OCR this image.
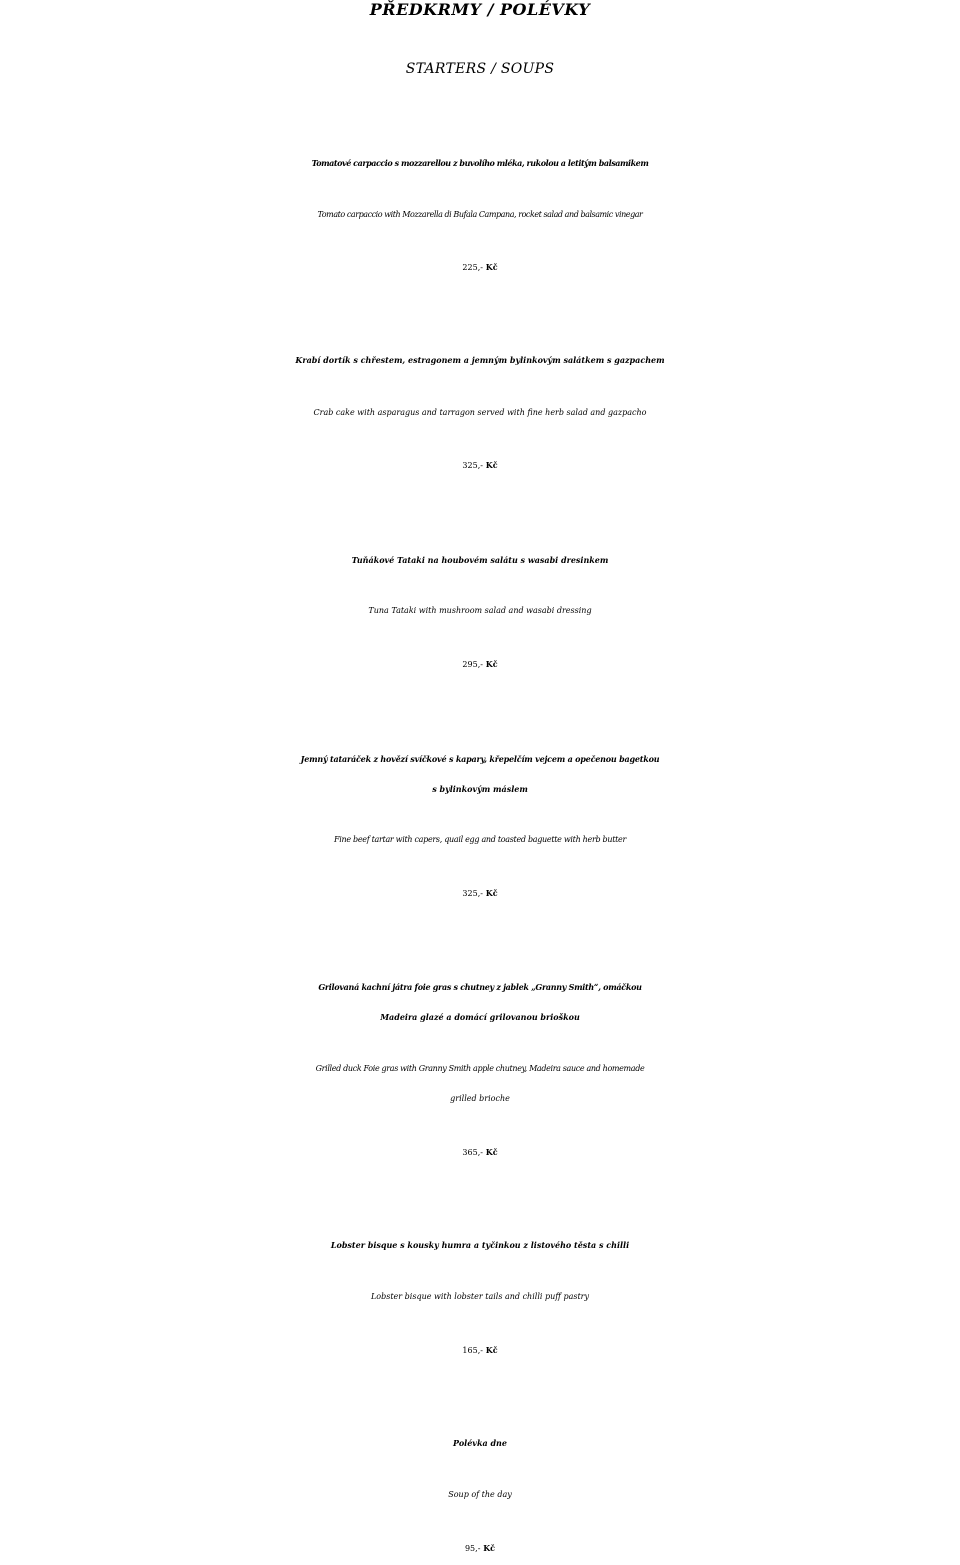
PŘEDKRMY / POLÉVKY
STARTERS / SOUPS
Tomatové carpaccio s mozzarellou z buvolího mléka, rukolou a letitým balsamikem
Tomato carpaccio with Mozzarella di Bufala Campana, rocket salad and balsamic vinegar
225,- Kč
Krabí dortík s chřestem, estragonem a jemným bylinkovým salátkem s gazpachem
Crab cake with asparagus and tarragon served with fine herb salad and gazpacho
325,- Kč
Tuňákové Tataki na houbovém salátu s wasabi dresinkem
Tuna Tataki with mushroom salad and wasabi dressing
295,- Kč
Jemný tataráček z hovězí svíčkové s kapary, křepelčím vejcem a opečenou bagetkou
s bylinkovým máslem
Fine beef tartar with capers, quail egg and toasted baguette with herb butter
325,- Kč
Grilovaná kachní játra foie gras s chutney z jablek „Granny Smith“, omáčkou
Madeira glazé a domácí grilovanou brioškou
Grilled duck Foie gras with Granny Smith apple chutney, Madeira sauce and homemade
grilled brioche
365,- Kč
Lobster bisque s kousky humra a tyčinkou z listového těsta s chilli
Lobster bisque with lobster tails and chilli puff pastry
165,- Kč
Polévka dne
Soup of the day
95,- Kč
